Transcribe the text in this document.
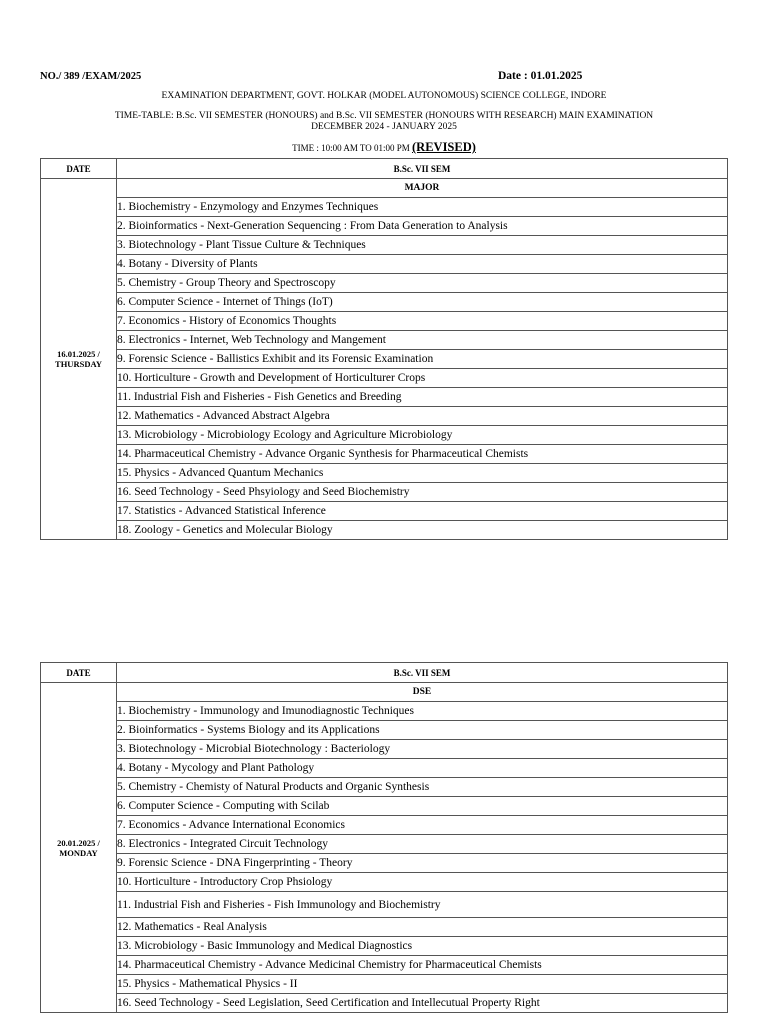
NO./ 389 /EXAM/2025	Date : 01.01.2025
EXAMINATION DEPARTMENT, GOVT. HOLKAR (MODEL AUTONOMOUS) SCIENCE COLLEGE, INDORE
TIME-TABLE: B.Sc. VII SEMESTER (HONOURS) and B.Sc. VII SEMESTER (HONOURS WITH RESEARCH) MAIN EXAMINATION
DECEMBER 2024 - JANUARY 2025
TIME : 10:00 AM TO 01:00 PM (REVISED)
DATE	B.Sc. VII SEM
16.01.2025 /
THURSDAY	MAJOR
	1. Biochemistry - Enzymology and Enzymes Techniques
	2. Bioinformatics - Next-Generation Sequencing : From Data Generation to Analysis
	3. Biotechnology - Plant Tissue Culture & Techniques
	4. Botany - Diversity of Plants
	5. Chemistry - Group Theory and Spectroscopy
	6. Computer Science - Internet of Things (IoT)
	7. Economics - History of Economics Thoughts
	8. Electronics - Internet, Web Technology and Mangement
	9. Forensic Science - Ballistics Exhibit and its Forensic Examination
	10. Horticulture - Growth and Development of Horticulturer Crops
	11. Industrial Fish and Fisheries - Fish Genetics and Breeding
	12. Mathematics - Advanced Abstract Algebra
	13. Microbiology - Microbiology Ecology and Agriculture Microbiology
	14. Pharmaceutical Chemistry - Advance Organic Synthesis for Pharmaceutical Chemists
	15. Physics - Advanced Quantum Mechanics
	16. Seed Technology - Seed Phsyiology and Seed Biochemistry
	17. Statistics - Advanced Statistical Inference
	18. Zoology - Genetics and Molecular Biology
DATE	B.Sc. VII SEM
20.01.2025 /
MONDAY	DSE
	1. Biochemistry - Immunology and Imunodiagnostic Techniques
	2. Bioinformatics - Systems Biology and its Applications
	3. Biotechnology - Microbial Biotechnology : Bacteriology
	4. Botany - Mycology and Plant Pathology
	5. Chemistry - Chemisty of Natural Products and Organic Synthesis
	6. Computer Science - Computing with Scilab
	7. Economics - Advance International Economics
	8. Electronics - Integrated Circuit Technology
	9. Forensic Science - DNA Fingerprinting - Theory
	10. Horticulture - Introductory Crop Phsiology
	11. Industrial Fish and Fisheries - Fish Immunology and Biochemistry
	12. Mathematics - Real Analysis
	13. Microbiology - Basic Immunology and Medical Diagnostics
	14. Pharmaceutical Chemistry - Advance Medicinal Chemistry for Pharmaceutical Chemists
	15. Physics - Mathematical Physics - II
	16. Seed Technology - Seed Legislation, Seed Certification and Intellecutual Property Right
